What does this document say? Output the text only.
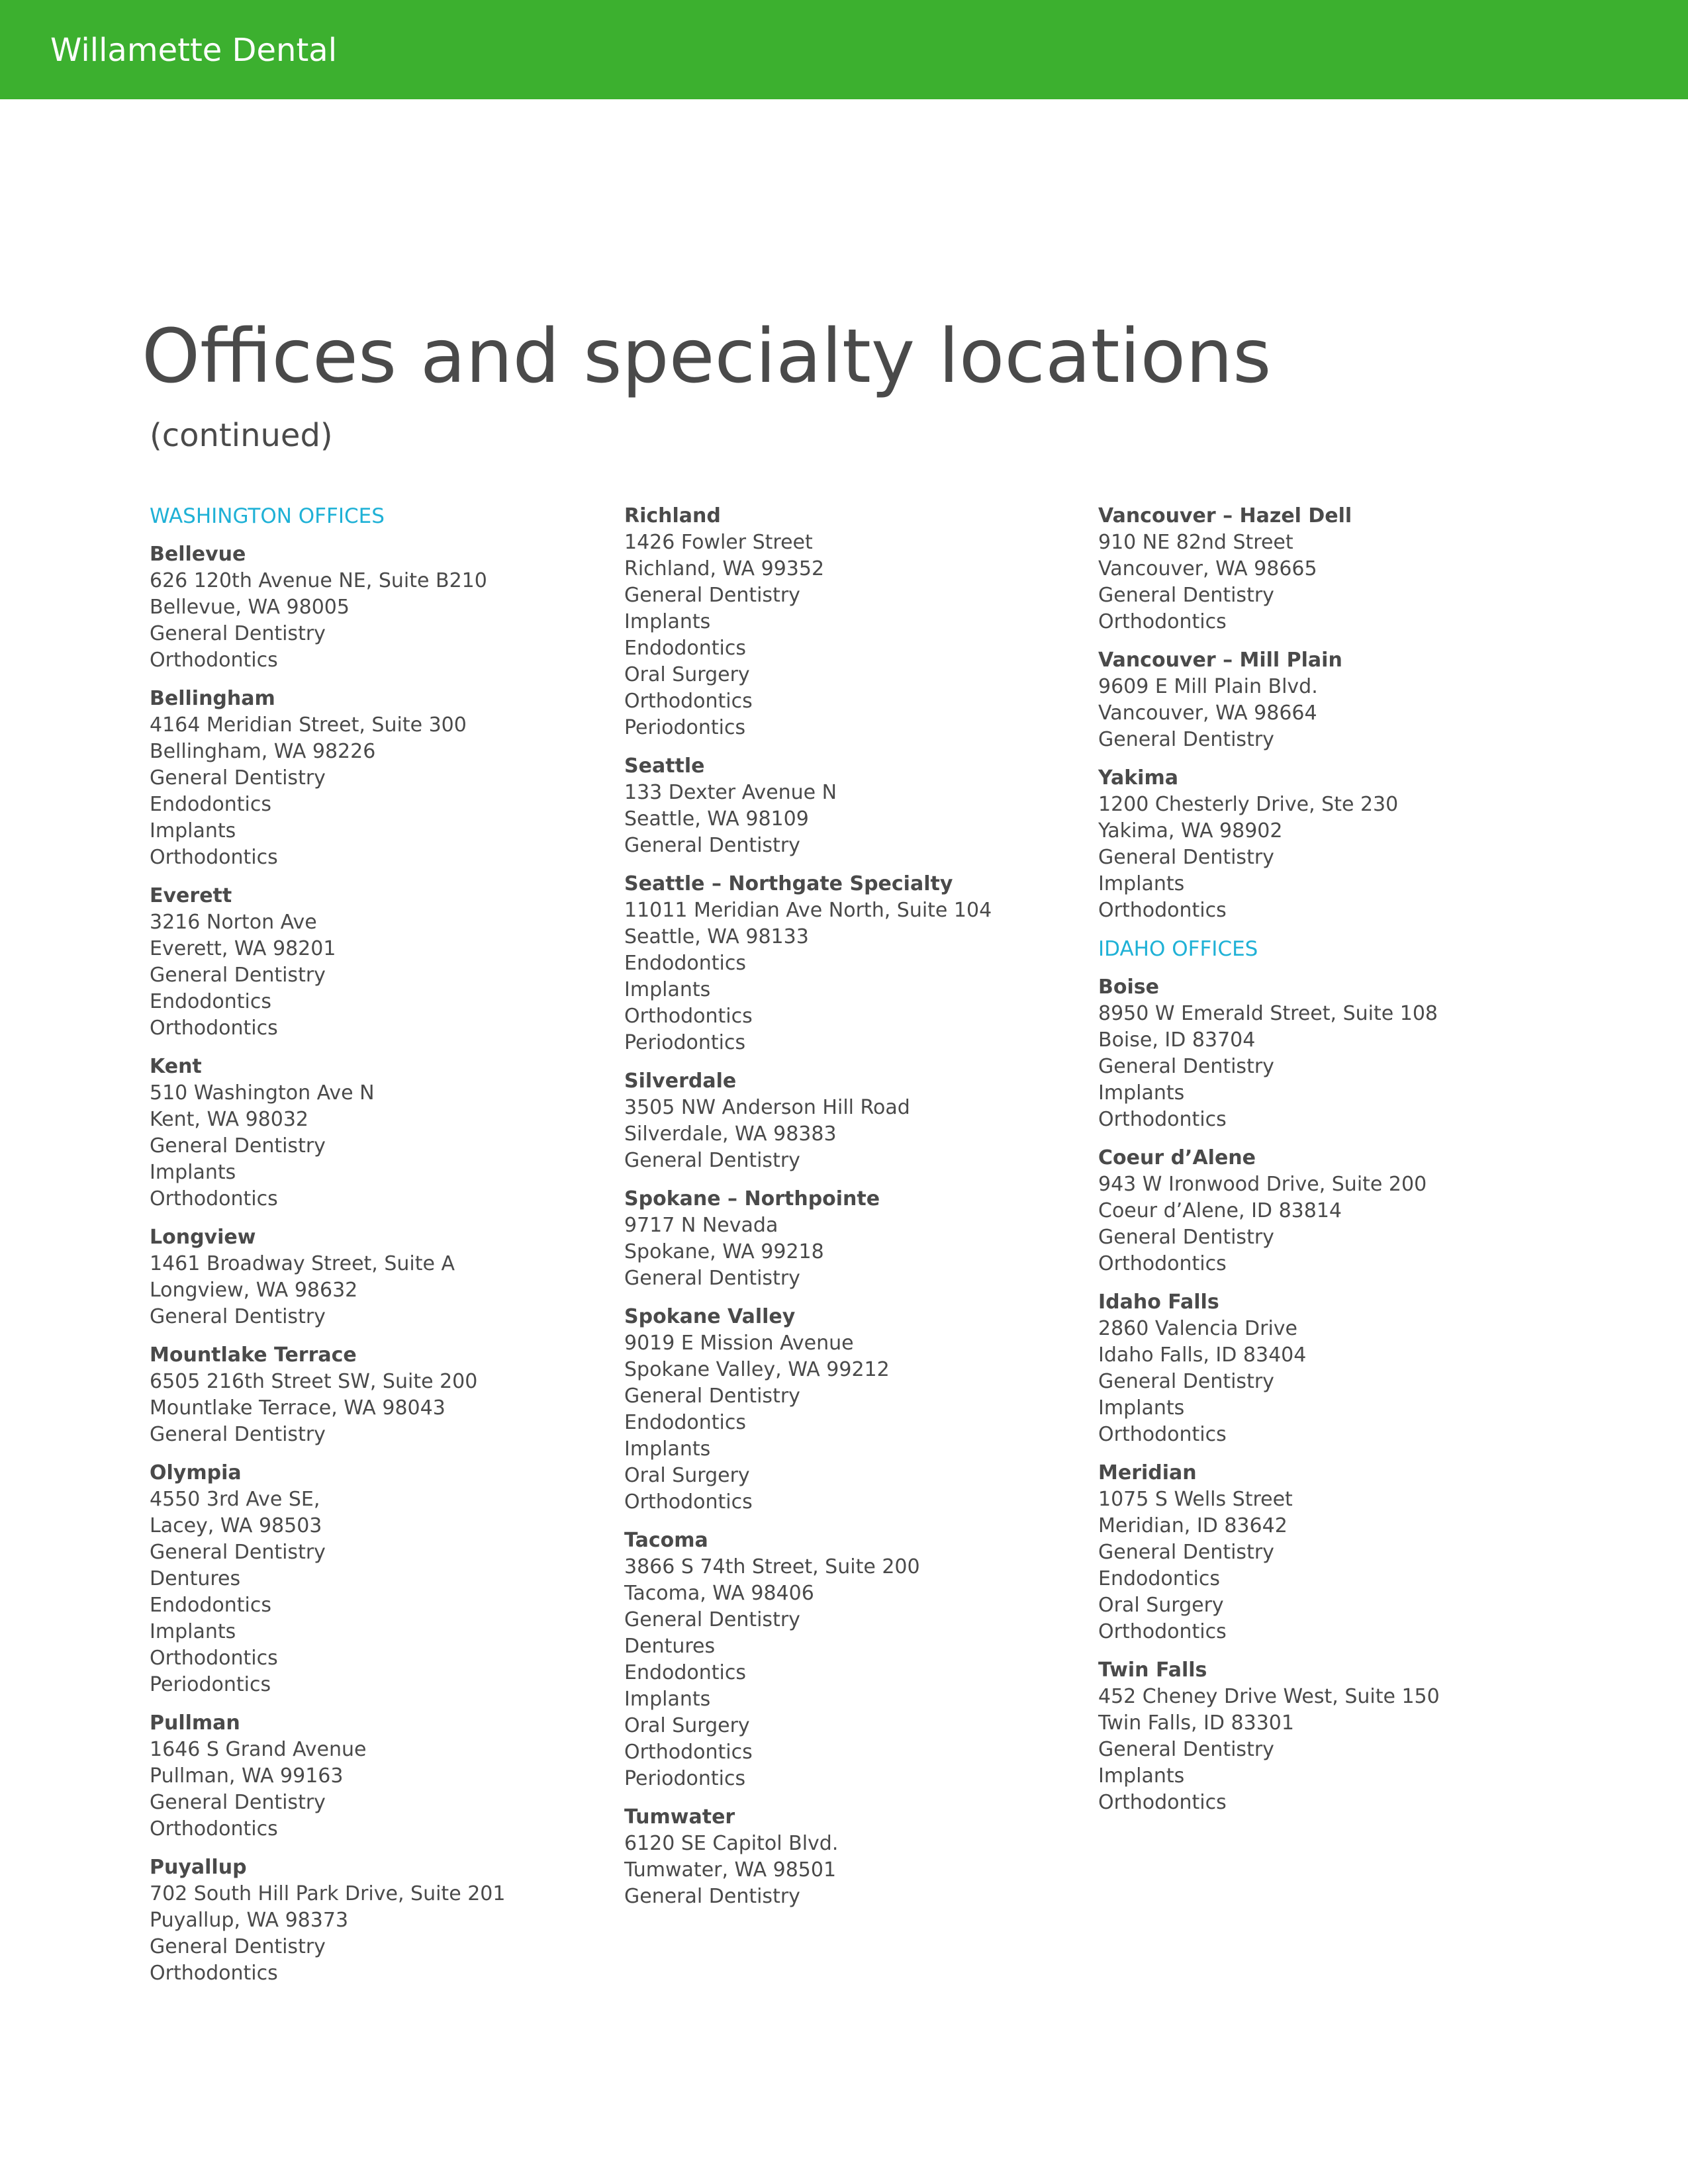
Willamette Dental
Offices and specialty locations
(continued)
WASHINGTON OFFICES
Bellevue
626 120th Avenue NE, Suite B210
Bellevue, WA 98005
General Dentistry
Orthodontics
Bellingham
4164 Meridian Street, Suite 300
Bellingham, WA 98226
General Dentistry
Endodontics
Implants
Orthodontics
Everett
3216 Norton Ave
Everett, WA 98201
General Dentistry
Endodontics
Orthodontics
Kent
510 Washington Ave N
Kent, WA 98032
General Dentistry
Implants
Orthodontics
Longview
1461 Broadway Street, Suite A
Longview, WA 98632
General Dentistry
Mountlake Terrace
6505 216th Street SW, Suite 200
Mountlake Terrace, WA 98043
General Dentistry
Olympia
4550 3rd Ave SE,
Lacey, WA 98503
General Dentistry
Dentures
Endodontics
Implants
Orthodontics
Periodontics
Pullman
1646 S Grand Avenue
Pullman, WA 99163
General Dentistry
Orthodontics
Puyallup
702 South Hill Park Drive, Suite 201
Puyallup, WA 98373
General Dentistry
Orthodontics
Richland
1426 Fowler Street
Richland, WA 99352
General Dentistry
Implants
Endodontics
Oral Surgery
Orthodontics
Periodontics
Seattle
133 Dexter Avenue N
Seattle, WA 98109
General Dentistry
Seattle – Northgate Specialty
11011 Meridian Ave North, Suite 104
Seattle, WA 98133
Endodontics
Implants
Orthodontics
Periodontics
Silverdale
3505 NW Anderson Hill Road
Silverdale, WA 98383
General Dentistry
Spokane – Northpointe
9717 N Nevada
Spokane, WA 99218
General Dentistry
Spokane Valley
9019 E Mission Avenue
Spokane Valley, WA 99212
General Dentistry
Endodontics
Implants
Oral Surgery
Orthodontics
Tacoma
3866 S 74th Street, Suite 200
Tacoma, WA 98406
General Dentistry
Dentures
Endodontics
Implants
Oral Surgery
Orthodontics
Periodontics
Tumwater
6120 SE Capitol Blvd.
Tumwater, WA 98501
General Dentistry
Vancouver – Hazel Dell
910 NE 82nd Street
Vancouver, WA 98665
General Dentistry
Orthodontics
Vancouver – Mill Plain
9609 E Mill Plain Blvd.
Vancouver, WA 98664
General Dentistry
Yakima
1200 Chesterly Drive, Ste 230
Yakima, WA 98902
General Dentistry
Implants
Orthodontics
IDAHO OFFICES
Boise
8950 W Emerald Street, Suite 108
Boise, ID 83704
General Dentistry
Implants
Orthodontics
Coeur d’Alene
943 W Ironwood Drive, Suite 200
Coeur d’Alene, ID 83814
General Dentistry
Orthodontics
Idaho Falls
2860 Valencia Drive
Idaho Falls, ID 83404
General Dentistry
Implants
Orthodontics
Meridian
1075 S Wells Street
Meridian, ID 83642
General Dentistry
Endodontics
Oral Surgery
Orthodontics
Twin Falls
452 Cheney Drive West, Suite 150
Twin Falls, ID 83301
General Dentistry
Implants
Orthodontics
